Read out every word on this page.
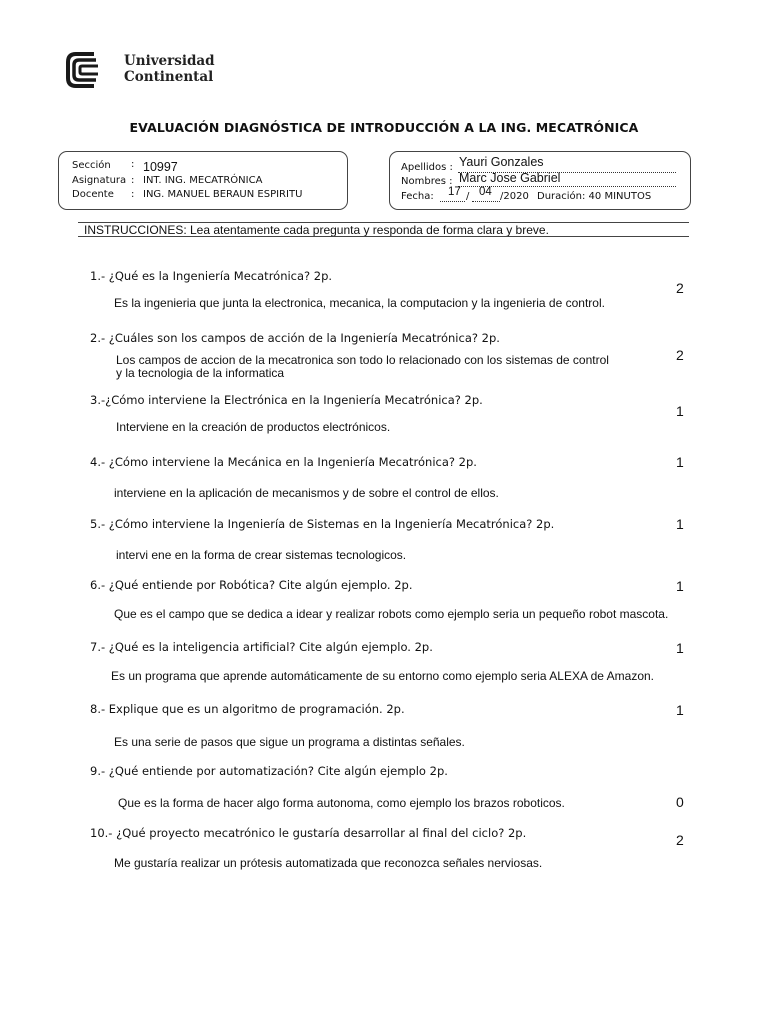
Universidad
Continental
EVALUACIÓN DIAGNÓSTICA DE INTRODUCCIÓN A LA ING. MECATRÓNICA
Sección : 10997
Asignatura : INT. ING. MECATRÓNICA
Docente : ING. MANUEL BERAUN ESPIRITU
Apellidos : Yauri Gonzales
Nombres : Marc Jose Gabriel
Fecha: 17 / 04 /2020 Duración: 40 MINUTOS
INSTRUCCIONES: Lea atentamente cada pregunta y responda de forma clara y breve.
1.- ¿Qué es la Ingeniería Mecatrónica? 2p.
Es la ingenieria que junta la electronica, mecanica, la computacion y la ingenieria de control.
2
2.- ¿Cuáles son los campos de acción de la Ingeniería Mecatrónica? 2p.
Los campos de accion de la mecatronica son todo lo relacionado con los sistemas de control
y la tecnologia de la informatica
2
3.-¿Cómo interviene la Electrónica en la Ingeniería Mecatrónica? 2p.
Interviene en la creación de productos electrónicos.
1
4.- ¿Cómo interviene la Mecánica en la Ingeniería Mecatrónica? 2p.
interviene en la aplicación de mecanismos y de sobre el control de ellos.
1
5.- ¿Cómo interviene la Ingeniería de Sistemas en la Ingeniería Mecatrónica? 2p.
intervi ene en la forma de crear sistemas tecnologicos.
1
6.- ¿Qué entiende por Robótica? Cite algún ejemplo. 2p.
Que es el campo que se dedica a idear y realizar robots como ejemplo seria un pequeño robot mascota.
1
7.- ¿Qué es la inteligencia artificial? Cite algún ejemplo. 2p.
Es un programa que aprende automáticamente de su entorno como ejemplo seria ALEXA de Amazon.
1
8.- Explique que es un algoritmo de programación. 2p.
Es una serie de pasos que sigue un programa a distintas señales.
1
9.- ¿Qué entiende por automatización? Cite algún ejemplo 2p.
Que es la forma de hacer algo forma autonoma, como ejemplo los brazos roboticos.	0
10.- ¿Qué proyecto mecatrónico le gustaría desarrollar al final del ciclo? 2p.
Me gustaría realizar un prótesis automatizada que reconozca señales nerviosas.
2
